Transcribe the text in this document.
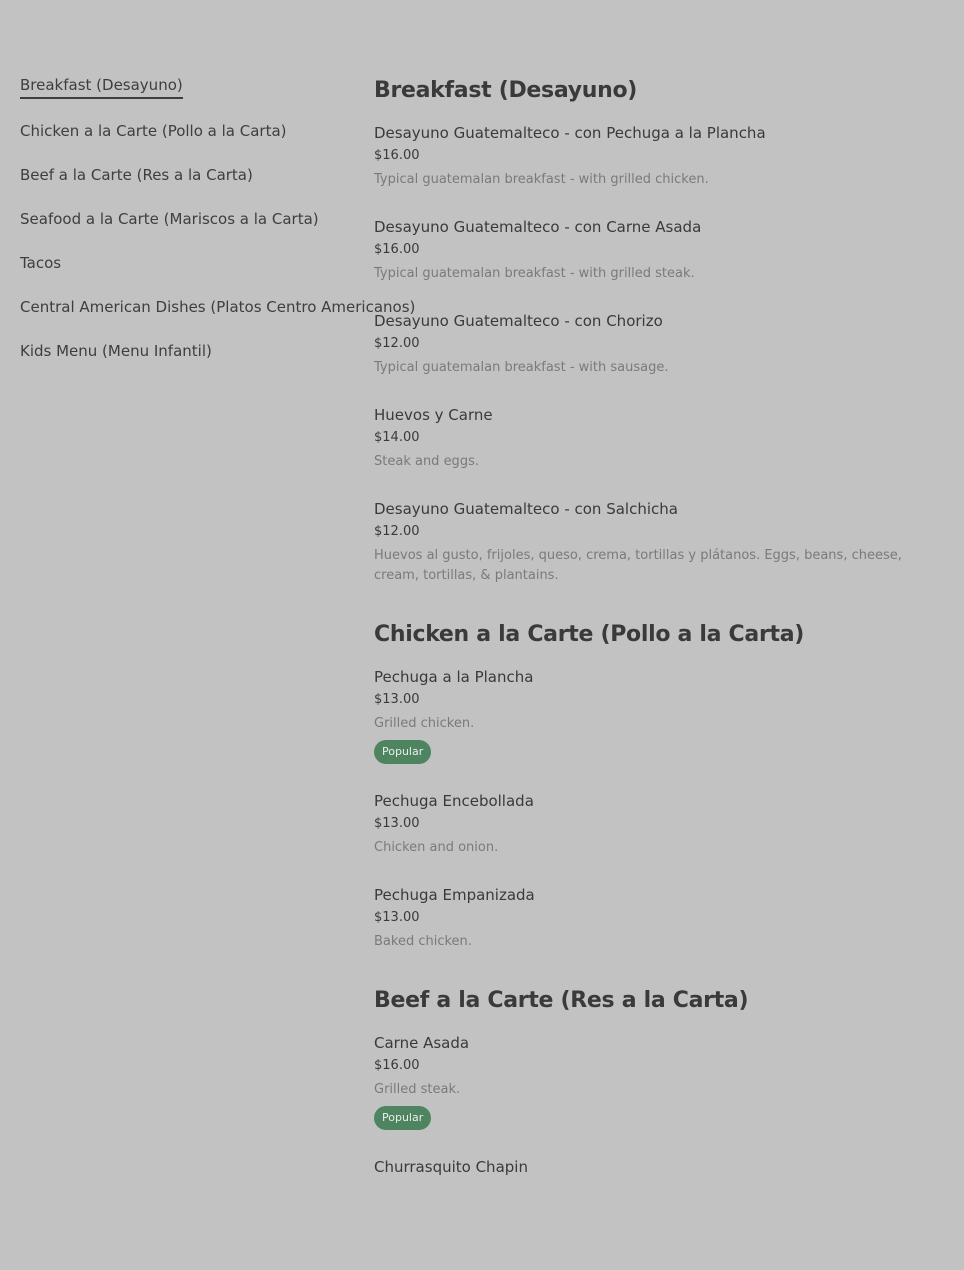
Breakfast (Desayuno)
Chicken a la Carte (Pollo a la Carta)
Beef a la Carte (Res a la Carta)
Seafood a la Carte (Mariscos a la Carta)
Tacos
Central American Dishes (Platos Centro Americanos)
Kids Menu (Menu Infantil)
Breakfast (Desayuno)
Desayuno Guatemalteco - con Pechuga a la Plancha
$16.00
Typical guatemalan breakfast - with grilled chicken.
Desayuno Guatemalteco - con Carne Asada
$16.00
Typical guatemalan breakfast - with grilled steak.
Desayuno Guatemalteco - con Chorizo
$12.00
Typical guatemalan breakfast - with sausage.
Huevos y Carne
$14.00
Steak and eggs.
Desayuno Guatemalteco - con Salchicha
$12.00
Huevos al gusto, frijoles, queso, crema, tortillas y plátanos. Eggs, beans, cheese, cream, tortillas, & plantains.
Chicken a la Carte (Pollo a la Carta)
Pechuga a la Plancha
$13.00
Grilled chicken.
Popular
Pechuga Encebollada
$13.00
Chicken and onion.
Pechuga Empanizada
$13.00
Baked chicken.
Beef a la Carte (Res a la Carta)
Carne Asada
$16.00
Grilled steak.
Popular
Churrasquito Chapin
